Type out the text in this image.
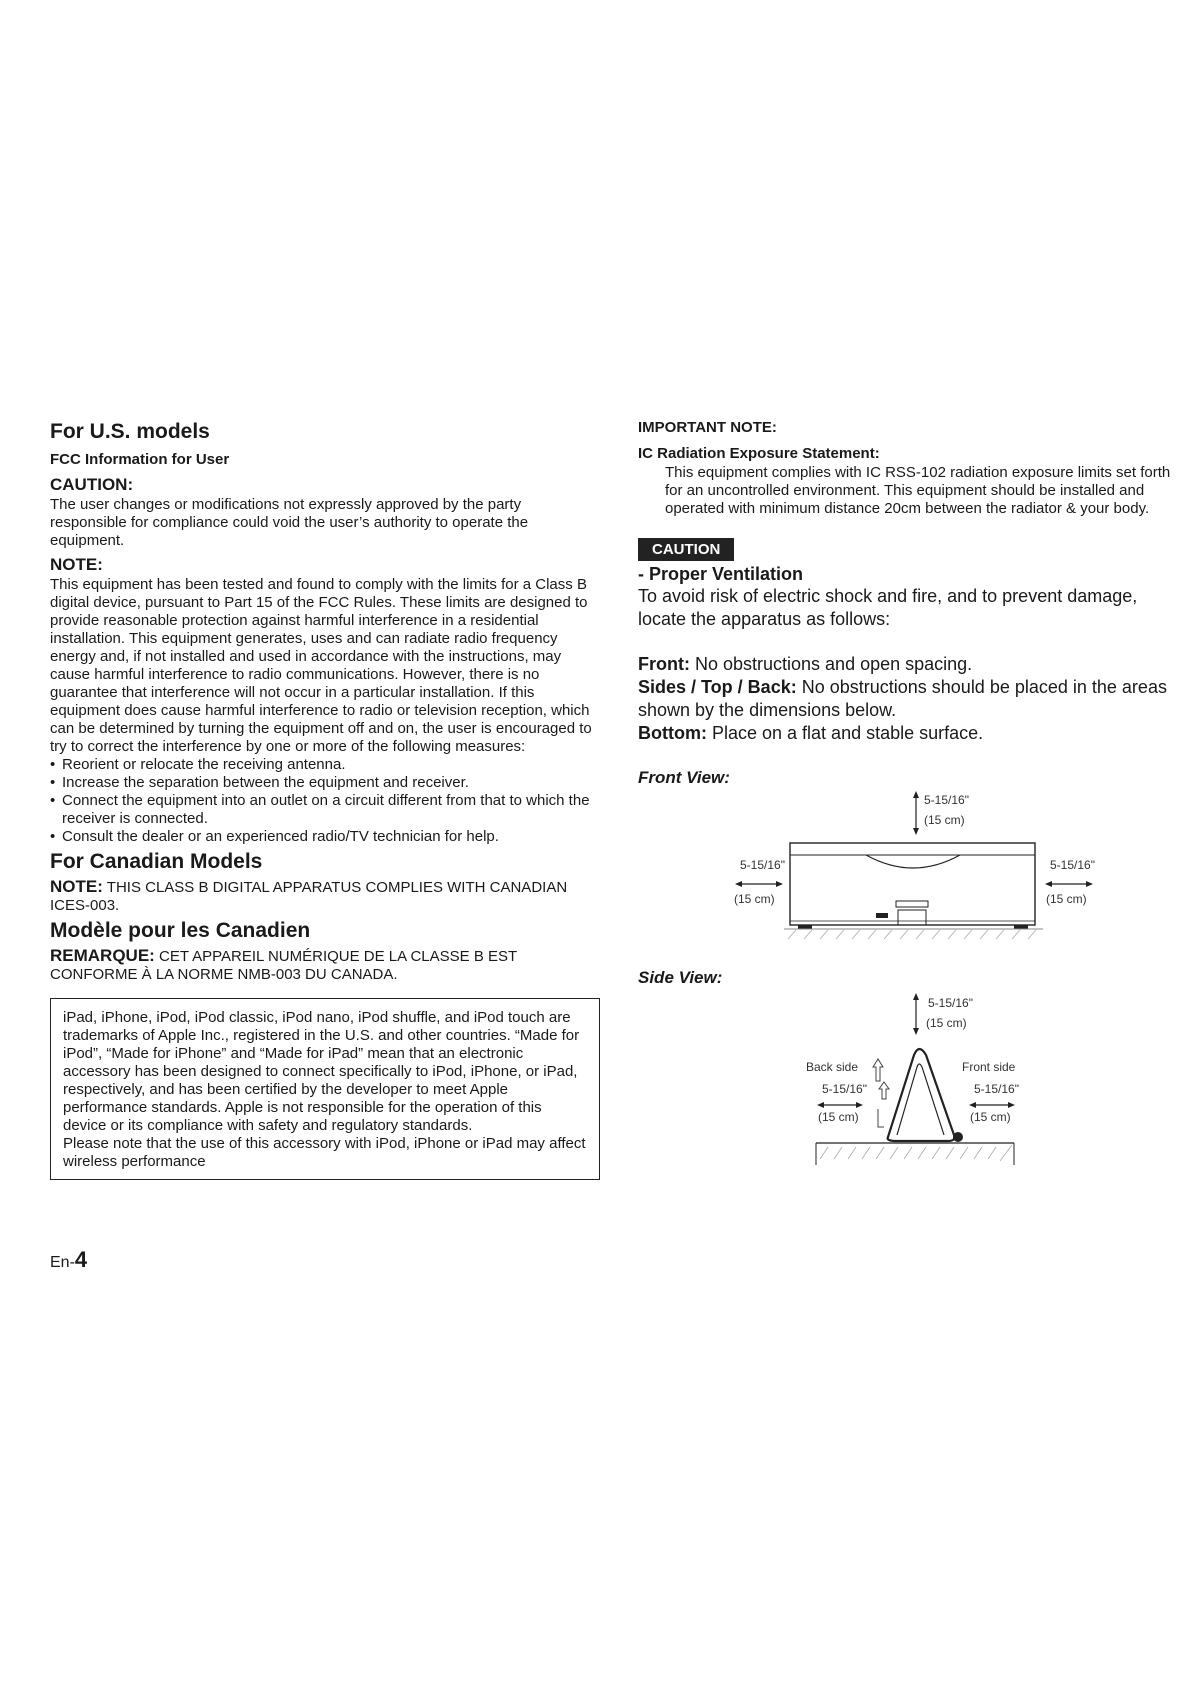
For U.S. models
FCC Information for User
CAUTION:

The user changes or modifications not expressly approved by the party responsible for compliance could void the user’s authority to operate the equipment.

NOTE:

This equipment has been tested and found to comply with the limits for a Class B digital device, pursuant to Part 15 of the FCC Rules. These limits are designed to provide reasonable protection against harmful interference in a residential installation. This equipment generates, uses and can radiate radio frequency energy and, if not installed and used in accordance with the instructions, may cause harmful interference to radio communications. However, there is no guarantee that interference will not occur in a particular installation. If this equipment does cause harmful interference to radio or television reception, which can be determined by turning the equipment off and on, the user is encouraged to try to correct the interference by one or more of the following measures:

• Reorient or relocate the receiving antenna.
• Increase the separation between the equipment and receiver.
• Connect the equipment into an outlet on a circuit different from that to which the receiver is connected.
• Consult the dealer or an experienced radio/TV technician for help.
For Canadian Models

NOTE: THIS CLASS B DIGITAL APPARATUS COMPLIES WITH CANADIAN ICES-003.

Modèle pour les Canadien

REMARQUE: CET APPAREIL NUMÉRIQUE DE LA CLASSE B EST CONFORME À LA NORME NMB-003 DU CANADA.

iPad, iPhone, iPod, iPod classic, iPod nano, iPod shuffle, and iPod touch are trademarks of Apple Inc., registered in the U.S. and other countries. “Made for iPod”, “Made for iPhone” and “Made for iPad” mean that an electronic accessory has been designed to connect specifically to iPod, iPhone, or iPad, respectively, and has been certified by the developer to meet Apple performance standards. Apple is not responsible for the operation of this device or its compliance with safety and regulatory standards.

Please note that the use of this accessory with iPod, iPhone or iPad may affect wireless performance

IMPORTANT NOTE:
IC Radiation Exposure Statement:

This equipment complies with IC RSS-102 radiation exposure limits set forth for an uncontrolled environment. This equipment should be installed and operated with minimum distance 20cm between the radiator & your body.

CAUTION
- Proper Ventilation

To avoid risk of electric shock and fire, and to prevent damage, locate the apparatus as follows:

Front: No obstructions and open spacing.

Sides / Top / Back: No obstructions should be placed in the areas shown by the dimensions below.

Bottom: Place on a flat and stable surface.

Front View:

5-15/16"
(15 cm)
5-15/16"
(15 cm)
5-15/16"
(15 cm)

Side View:

5-15/16"
(15 cm)
Back side
5-15/16"
(15 cm)
Front side
5-15/16"
(15 cm)
En-4
